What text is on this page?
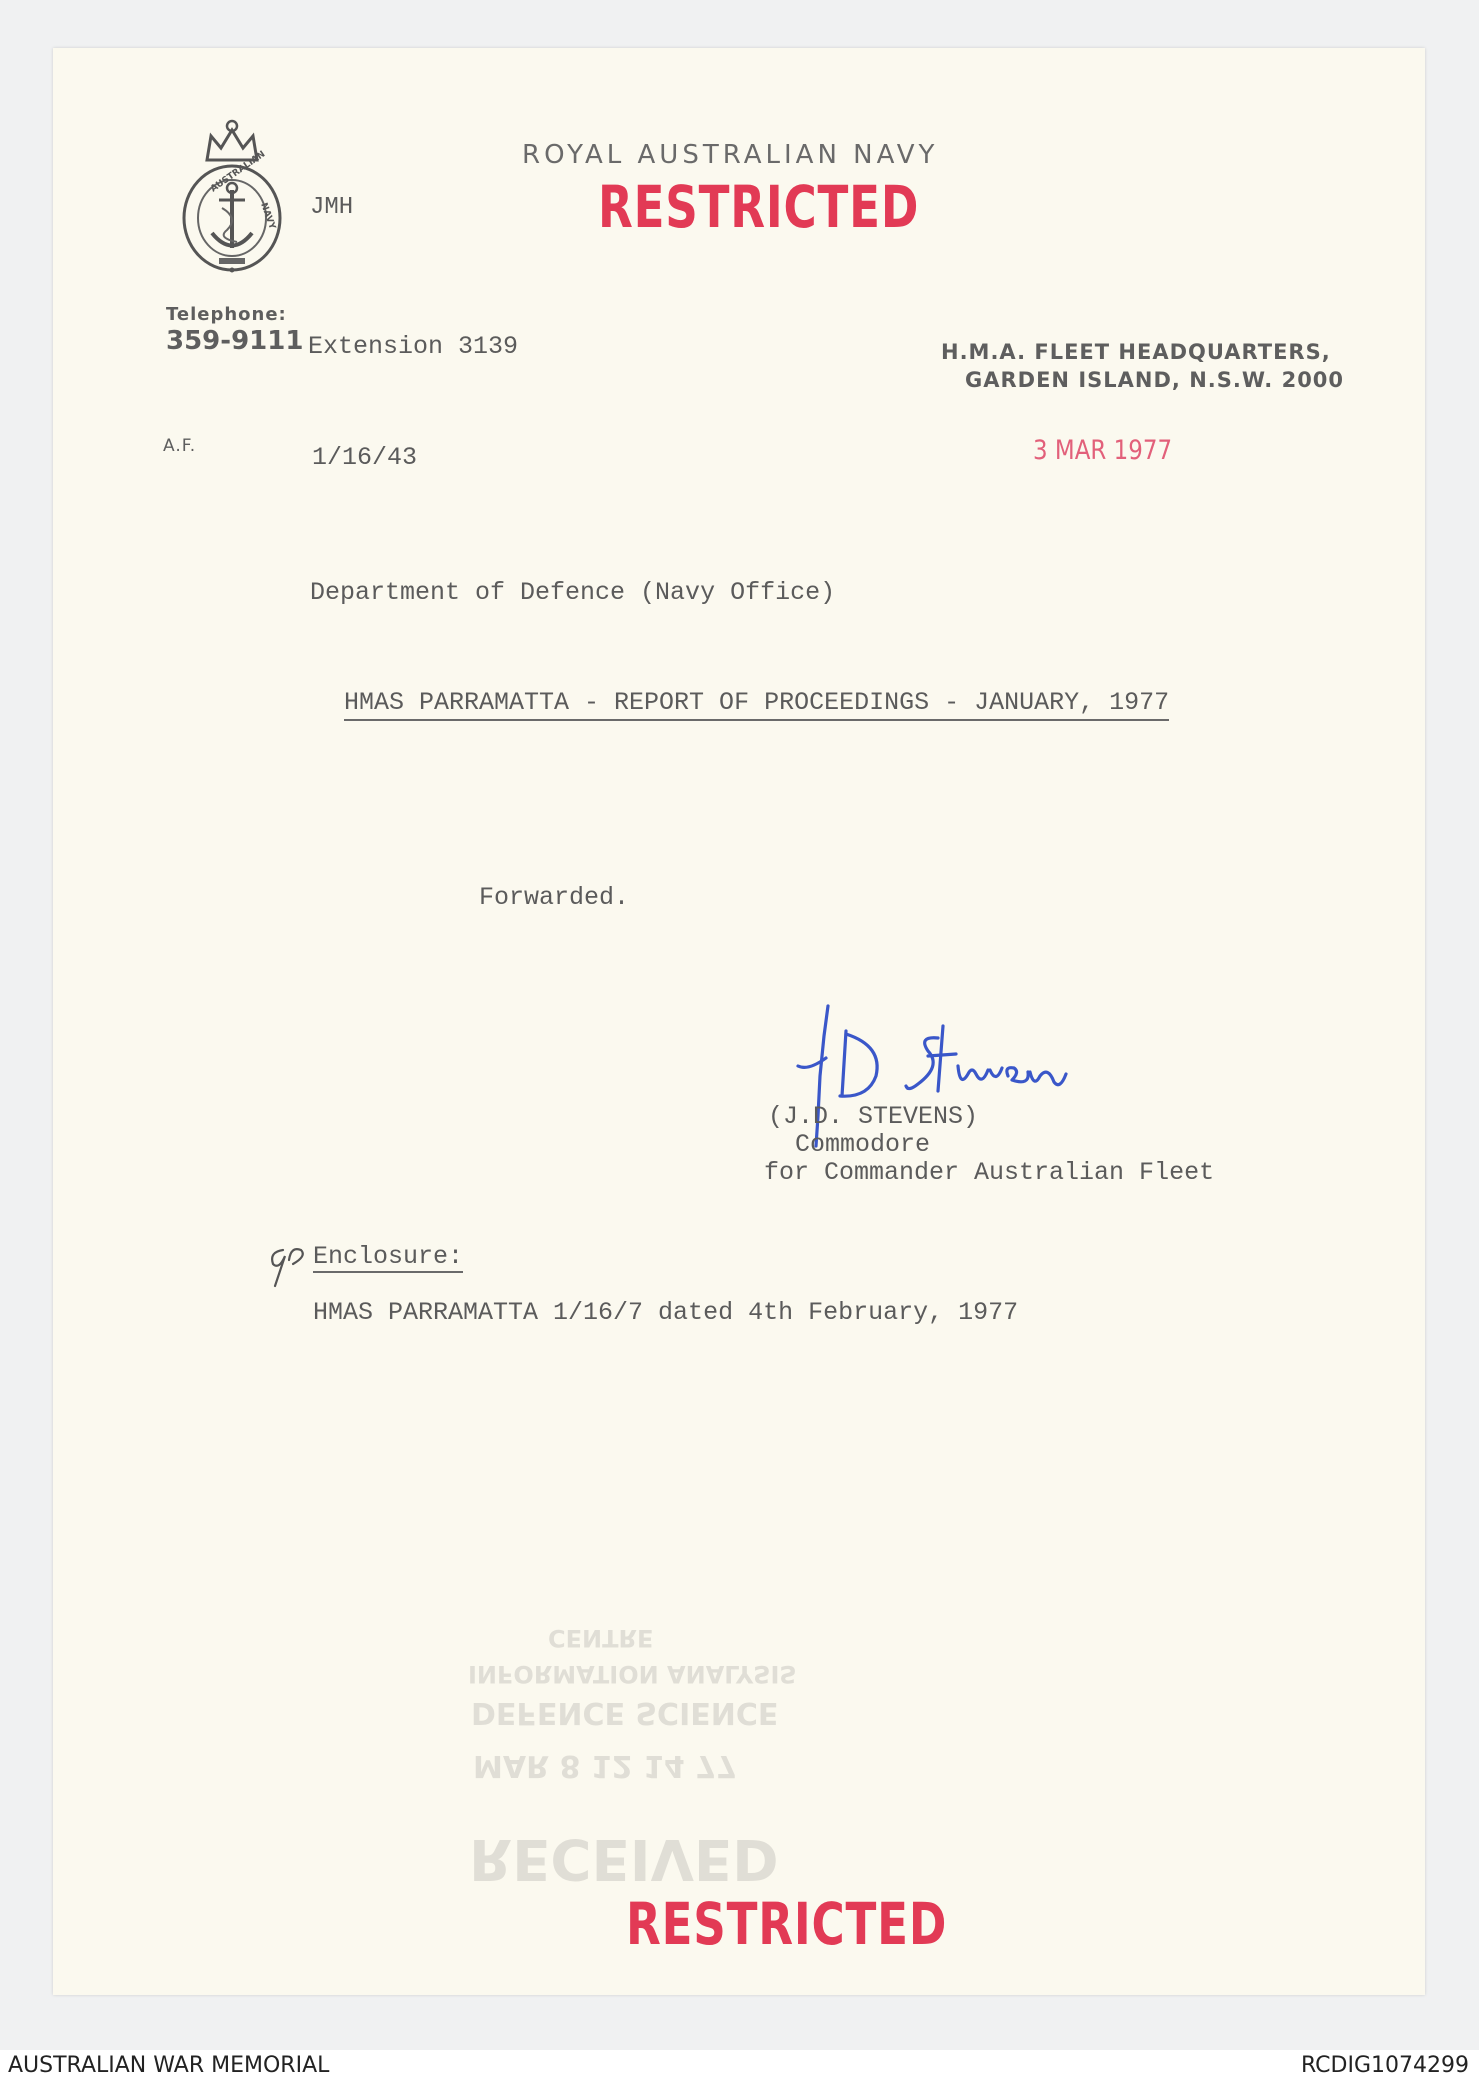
AUSTRALIAN
NAVY JMH
ROYAL AUSTRALIAN NAVY
RESTRICTED
Telephone:
359-9111 Extension 3139	H.M.A. FLEET HEADQUARTERS,
GARDEN ISLAND, N.S.W. 2000
A.F.	1/16/43	3 MAR 1977
Department of Defence (Navy Office)
HMAS PARRAMATTA - REPORT OF PROCEEDINGS - JANUARY, 1977
Forwarded.
(J.D. STEVENS)
Commodore
for Commander Australian Fleet
Enclosure:
HMAS PARRAMATTA 1/16/7 dated 4th February, 1977
CENTRE
INFORMATION ANALYSIS
DEFENCE SCIENCE
MAR 8 12 14 77
RECEIVED
RESTRICTED
AUSTRALIAN WAR MEMORIAL	RCDIG1074299
